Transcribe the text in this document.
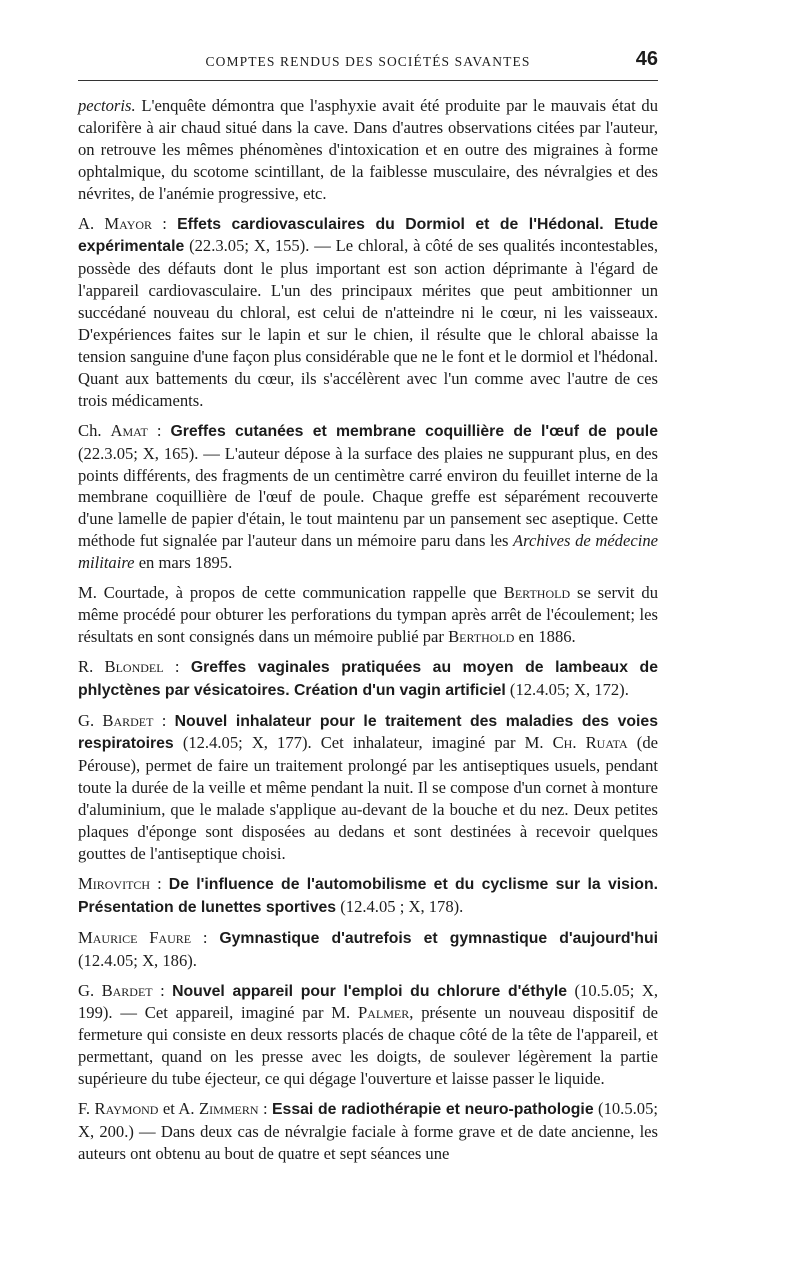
COMPTES RENDUS DES SOCIÉTÉS SAVANTES	46

pectoris. L'enquête démontra que l'asphyxie avait été produite par le mauvais état du calorifère à air chaud situé dans la cave. Dans d'autres observations citées par l'auteur, on retrouve les mêmes phénomènes d'intoxication et en outre des migraines à forme ophtalmique, du scotome scintillant, de la faiblesse musculaire, des névralgies et des névrites, de l'anémie progressive, etc.

A. Mayor : Effets cardiovasculaires du Dormiol et de l'Hédonal. Etude expérimentale (22.3.05; X, 155). — Le chloral, à côté de ses qualités incontestables, possède des défauts dont le plus important est son action déprimante à l'égard de l'appareil cardiovasculaire. L'un des principaux mérites que peut ambitionner un succédané nouveau du chloral, est celui de n'atteindre ni le cœur, ni les vaisseaux. D'expériences faites sur le lapin et sur le chien, il résulte que le chloral abaisse la tension sanguine d'une façon plus considérable que ne le font et le dormiol et l'hédonal. Quant aux battements du cœur, ils s'accélèrent avec l'un comme avec l'autre de ces trois médicaments.

Ch. Amat : Greffes cutanées et membrane coquillière de l'œuf de poule (22.3.05; X, 165). — L'auteur dépose à la surface des plaies ne suppurant plus, en des points différents, des fragments de un centimètre carré environ du feuillet interne de la membrane coquillière de l'œuf de poule. Chaque greffe est séparément recouverte d'une lamelle de papier d'étain, le tout maintenu par un pansement sec aseptique. Cette méthode fut signalée par l'auteur dans un mémoire paru dans les Archives de médecine militaire en mars 1895.

M. Courtade, à propos de cette communication rappelle que Berthold se servit du même procédé pour obturer les perforations du tympan après arrêt de l'écoulement; les résultats en sont consignés dans un mémoire publié par Berthold en 1886.

R. Blondel : Greffes vaginales pratiquées au moyen de lambeaux de phlyctènes par vésicatoires. Création d'un vagin artificiel (12.4.05; X, 172).

G. Bardet : Nouvel inhalateur pour le traitement des maladies des voies respiratoires (12.4.05; X, 177). Cet inhalateur, imaginé par M. Ch. Ruata (de Pérouse), permet de faire un traitement prolongé par les antiseptiques usuels, pendant toute la durée de la veille et même pendant la nuit. Il se compose d'un cornet à monture d'aluminium, que le malade s'applique au-devant de la bouche et du nez. Deux petites plaques d'éponge sont disposées au dedans et sont destinées à recevoir quelques gouttes de l'antiseptique choisi.

Mirovitch : De l'influence de l'automobilisme et du cyclisme sur la vision. Présentation de lunettes sportives (12.4.05 ; X, 178).

Maurice Faure : Gymnastique d'autrefois et gymnastique d'aujourd'hui (12.4.05; X, 186).

G. Bardet : Nouvel appareil pour l'emploi du chlorure d'éthyle (10.5.05; X, 199). — Cet appareil, imaginé par M. Palmer, présente un nouveau dispositif de fermeture qui consiste en deux ressorts placés de chaque côté de la tête de l'appareil, et permettant, quand on les presse avec les doigts, de soulever légèrement la partie supérieure du tube éjecteur, ce qui dégage l'ouverture et laisse passer le liquide.

F. Raymond et A. Zimmern : Essai de radiothérapie et neuro-pathologie (10.5.05; X, 200.) — Dans deux cas de névralgie faciale à forme grave et de date ancienne, les auteurs ont obtenu au bout de quatre et sept séances une
